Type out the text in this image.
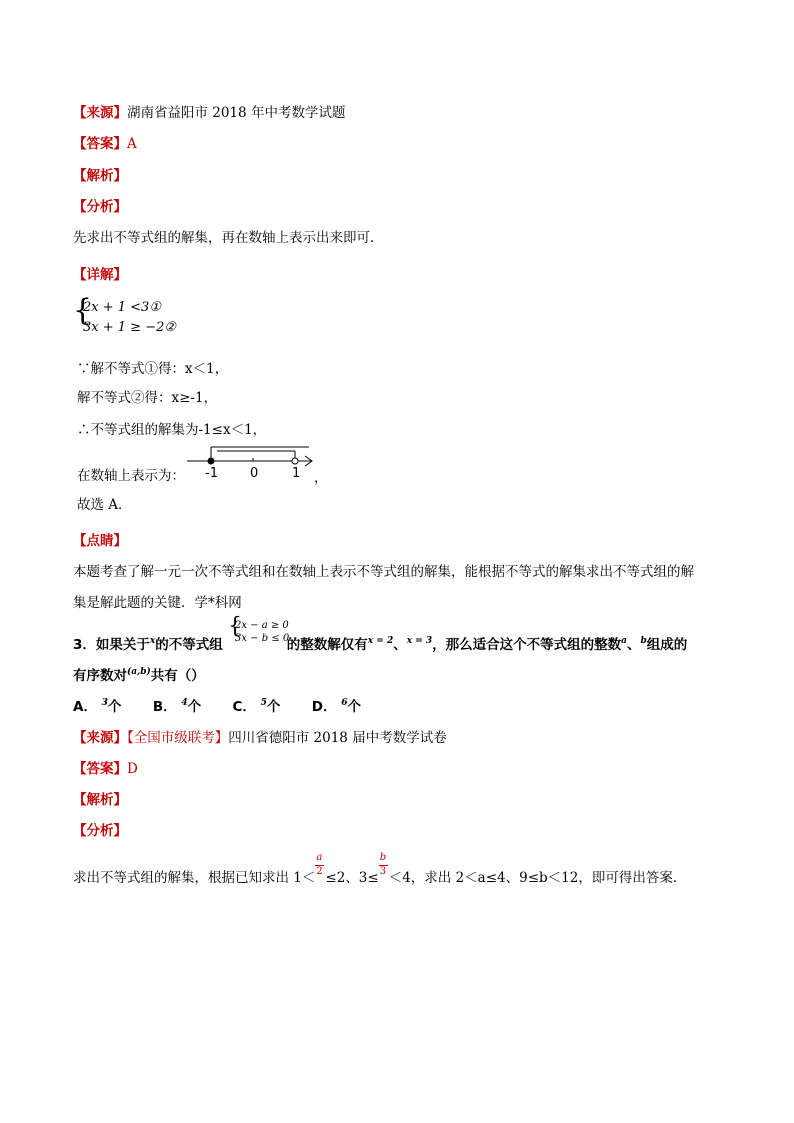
【来源】湖南省益阳市 2018 年中考数学试题
【答案】A
【解析】
【分析】
先求出不等式组的解集，再在数轴上表示出来即可．
【详解】
{
2x + 1 <3①
3x + 1 ≥ −2②
∵解不等式①得：x＜1，
解不等式②得：x≥-1，
∴不等式组的解集为-1≤x＜1，
在数轴上表示为： -1 0	1 ，
故选 A．
【点睛】
本题考查了解一元一次不等式组和在数轴上表示不等式组的解集，能根据不等式的解集求出不等式组的解
集是解此题的关键．学*科网
3．如果关于$^x$的不等式组	的整数解仅有$^{x = 2}$、$^{x = 3}$，那么适合这个不等式组的整数$^a$、$^b$组成的
{
2x − a ≥ 0
3x − b ≤ 0
有序数对$^{(a,b)}$共有（）
A． $^3$个 B． $^4$个 C． $^5$个 D． $^6$个
【来源】【全国市级联考】四川省德阳市 2018 届中考数学试卷
【答案】D
【解析】
【分析】
求出不等式组的解集，根据已知求出 $1< \frac{a}{2} \le 2$、$3\le \frac{b}{3} <4$，求出 2＜a≤4、9≤b＜12，即可得出答案．
